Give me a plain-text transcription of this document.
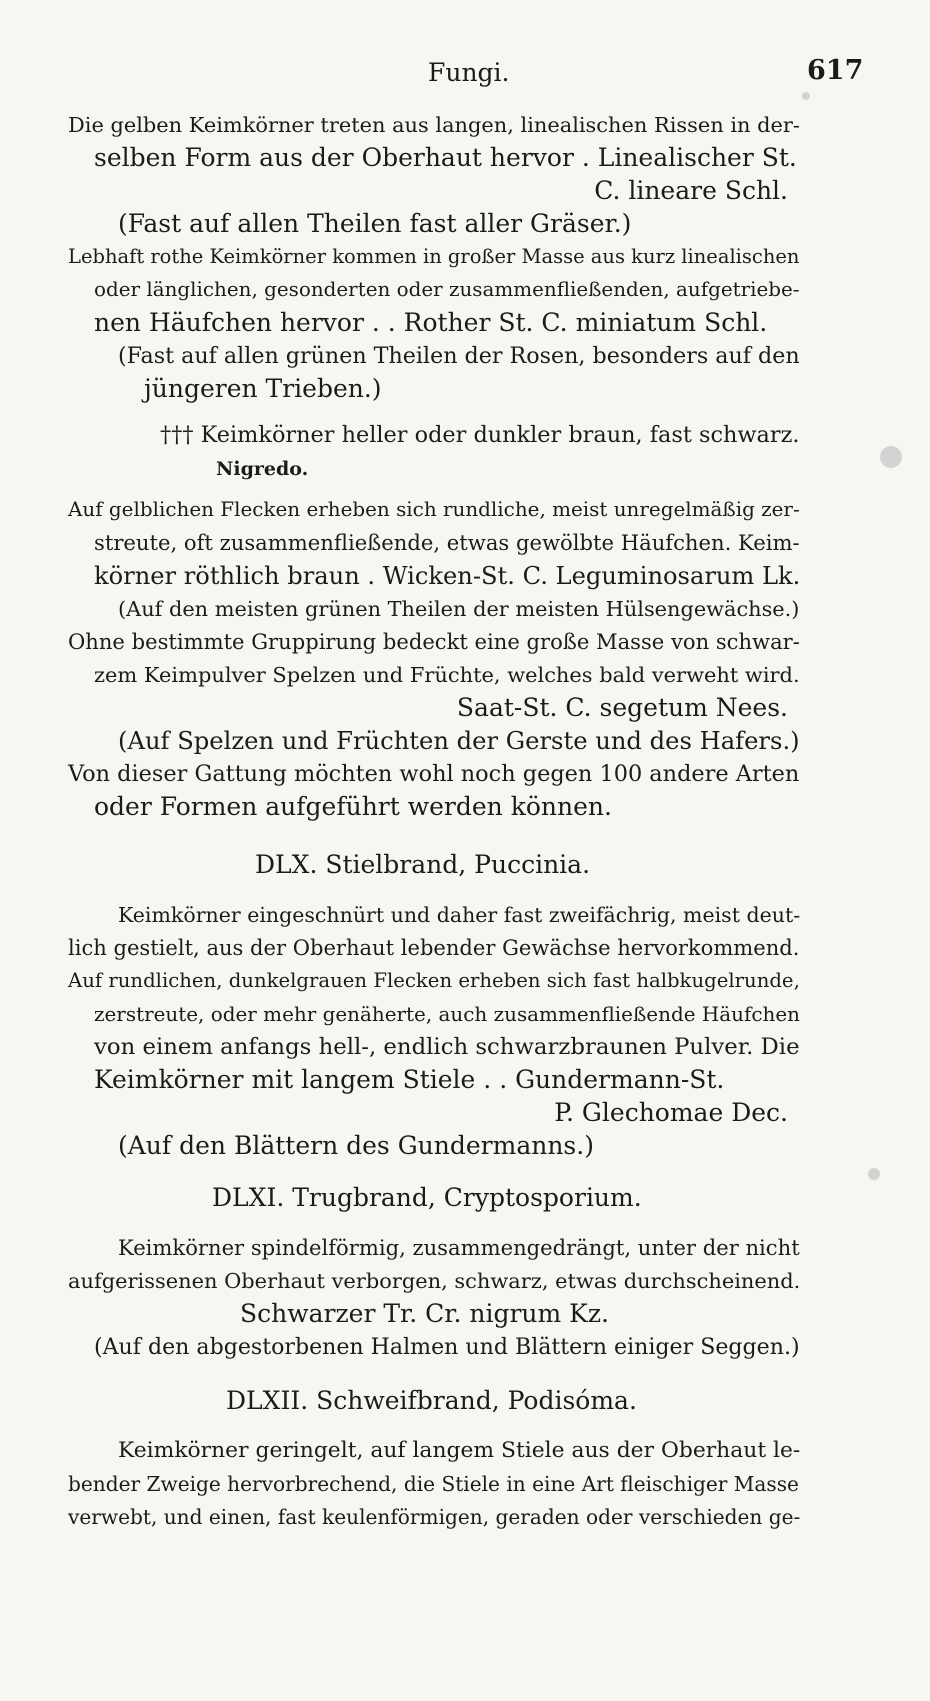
Fungi.	617
Die gelben Keimkörner treten aus langen, linealischen Rissen in der-
selben Form aus der Oberhaut hervor . Linealischer St.
C. lineare Schl.
(Fast auf allen Theilen fast aller Gräser.)
Lebhaft rothe Keimkörner kommen in großer Masse aus kurz linealischen
oder länglichen, gesonderten oder zusammenfließenden, aufgetriebe-
nen Häufchen hervor . . Rother St. C. miniatum Schl.
(Fast auf allen grünen Theilen der Rosen, besonders auf den
jüngeren Trieben.)
††† Keimkörner heller oder dunkler braun, fast schwarz.
Nigredo.
Auf gelblichen Flecken erheben sich rundliche, meist unregelmäßig zer-
streute, oft zusammenfließende, etwas gewölbte Häufchen. Keim-
körner röthlich braun . Wicken-St. C. Leguminosarum Lk.
(Auf den meisten grünen Theilen der meisten Hülsengewächse.)
Ohne bestimmte Gruppirung bedeckt eine große Masse von schwar-
zem Keimpulver Spelzen und Früchte, welches bald verweht wird.
Saat-St. C. segetum Nees.
(Auf Spelzen und Früchten der Gerste und des Hafers.)
Von dieser Gattung möchten wohl noch gegen 100 andere Arten
oder Formen aufgeführt werden können.
DLX. Stielbrand, Puccinia.
Keimkörner eingeschnürt und daher fast zweifächrig, meist deut-
lich gestielt, aus der Oberhaut lebender Gewächse hervorkommend.
Auf rundlichen, dunkelgrauen Flecken erheben sich fast halbkugelrunde,
zerstreute, oder mehr genäherte, auch zusammenfließende Häufchen
von einem anfangs hell-, endlich schwarzbraunen Pulver. Die
Keimkörner mit langem Stiele . . Gundermann-St.
P. Glechomae Dec.
(Auf den Blättern des Gundermanns.)
DLXI. Trugbrand, Cryptosporium.
Keimkörner spindelförmig, zusammengedrängt, unter der nicht
aufgerissenen Oberhaut verborgen, schwarz, etwas durchscheinend.
Schwarzer Tr. Cr. nigrum Kz.
(Auf den abgestorbenen Halmen und Blättern einiger Seggen.)
DLXII. Schweifbrand, Podisóma.
Keimkörner geringelt, auf langem Stiele aus der Oberhaut le-
bender Zweige hervorbrechend, die Stiele in eine Art fleischiger Masse
verwebt, und einen, fast keulenförmigen, geraden oder verschieden ge-
